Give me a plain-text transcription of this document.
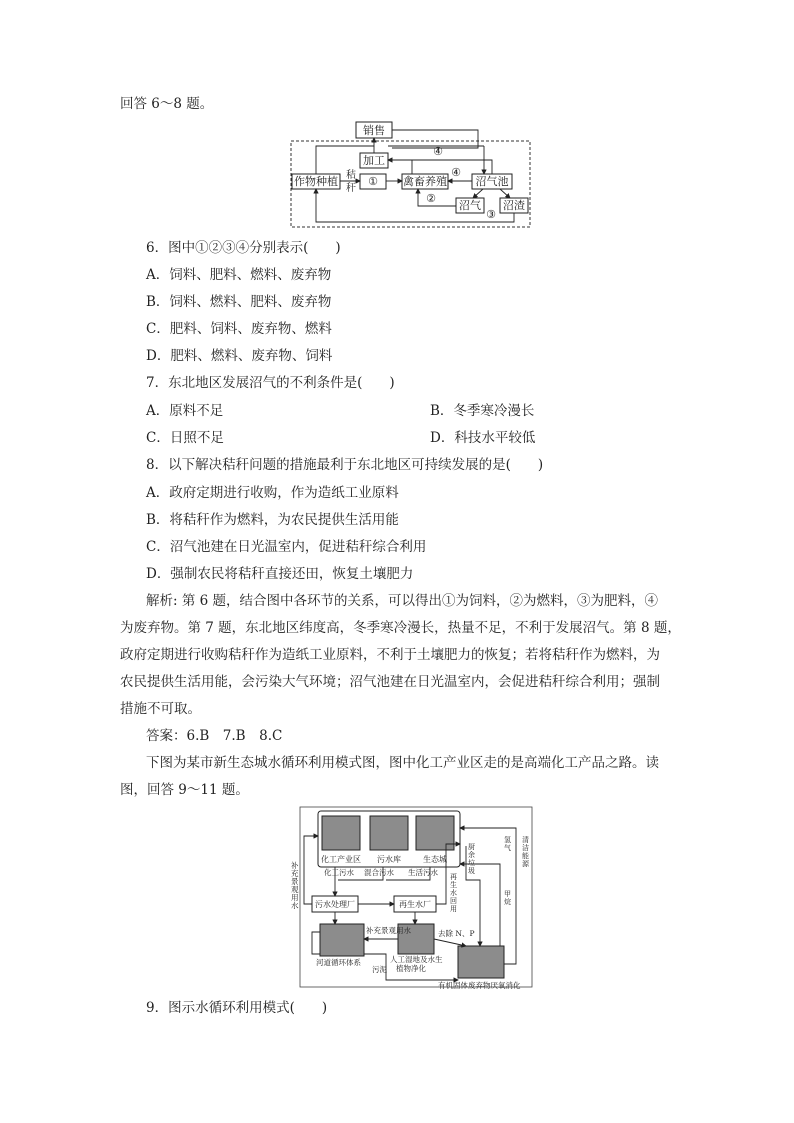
回答 6～8 题。
销售
加工
作物种植 秸
秆
① 禽畜养殖	沼气池
沼气 沼渣
②
③
④
④
6．图中①②③④分别表示(　　)
A．饲料、肥料、燃料、废弃物
B．饲料、燃料、肥料、废弃物
C．肥料、饲料、废弃物、燃料
D．肥料、燃料、废弃物、饲料
7．东北地区发展沼气的不利条件是(　　)
A．原料不足	B．冬季寒冷漫长
C．日照不足	D．科技水平较低
8．以下解决秸秆问题的措施最利于东北地区可持续发展的是(　　)
A．政府定期进行收购，作为造纸工业原料
B．将秸秆作为燃料，为农民提供生活用能
C．沼气池建在日光温室内，促进秸秆综合利用
D．强制农民将秸秆直接还田，恢复土壤肥力
解析: 第 6 题，结合图中各环节的关系，可以得出①为饲料，②为燃料，③为肥料，④
为废弃物。第 7 题，东北地区纬度高，冬季寒冷漫长，热量不足，不利于发展沼气。第 8 题，
政府定期进行收购秸秆作为造纸工业原料，不利于土壤肥力的恢复；若将秸秆作为燃料，为
农民提供生活用能，会污染大气环境；沼气池建在日光温室内，会促进秸秆综合利用；强制
措施不可取。
答案：6.B　7.B　8.C
下图为某市新生态城水循环利用模式图，图中化工产业区走的是高端化工产品之路。读
图，回答 9～11 题。
化工产业区 污水库	生态城
化工污水 混合污水 生活污水
补
充
景
观
用
水
再
生
水
回
用
厨
余
垃
圾
氢
气
甲
烷
清
洁
能
源
污水处理厂	再生水厂
河道循环体系	人工湿地及水生
植物净化
有机固体废弃物厌氧消化
补充景观用水	去除 N、P
污泥
9．图示水循环利用模式(　　)
